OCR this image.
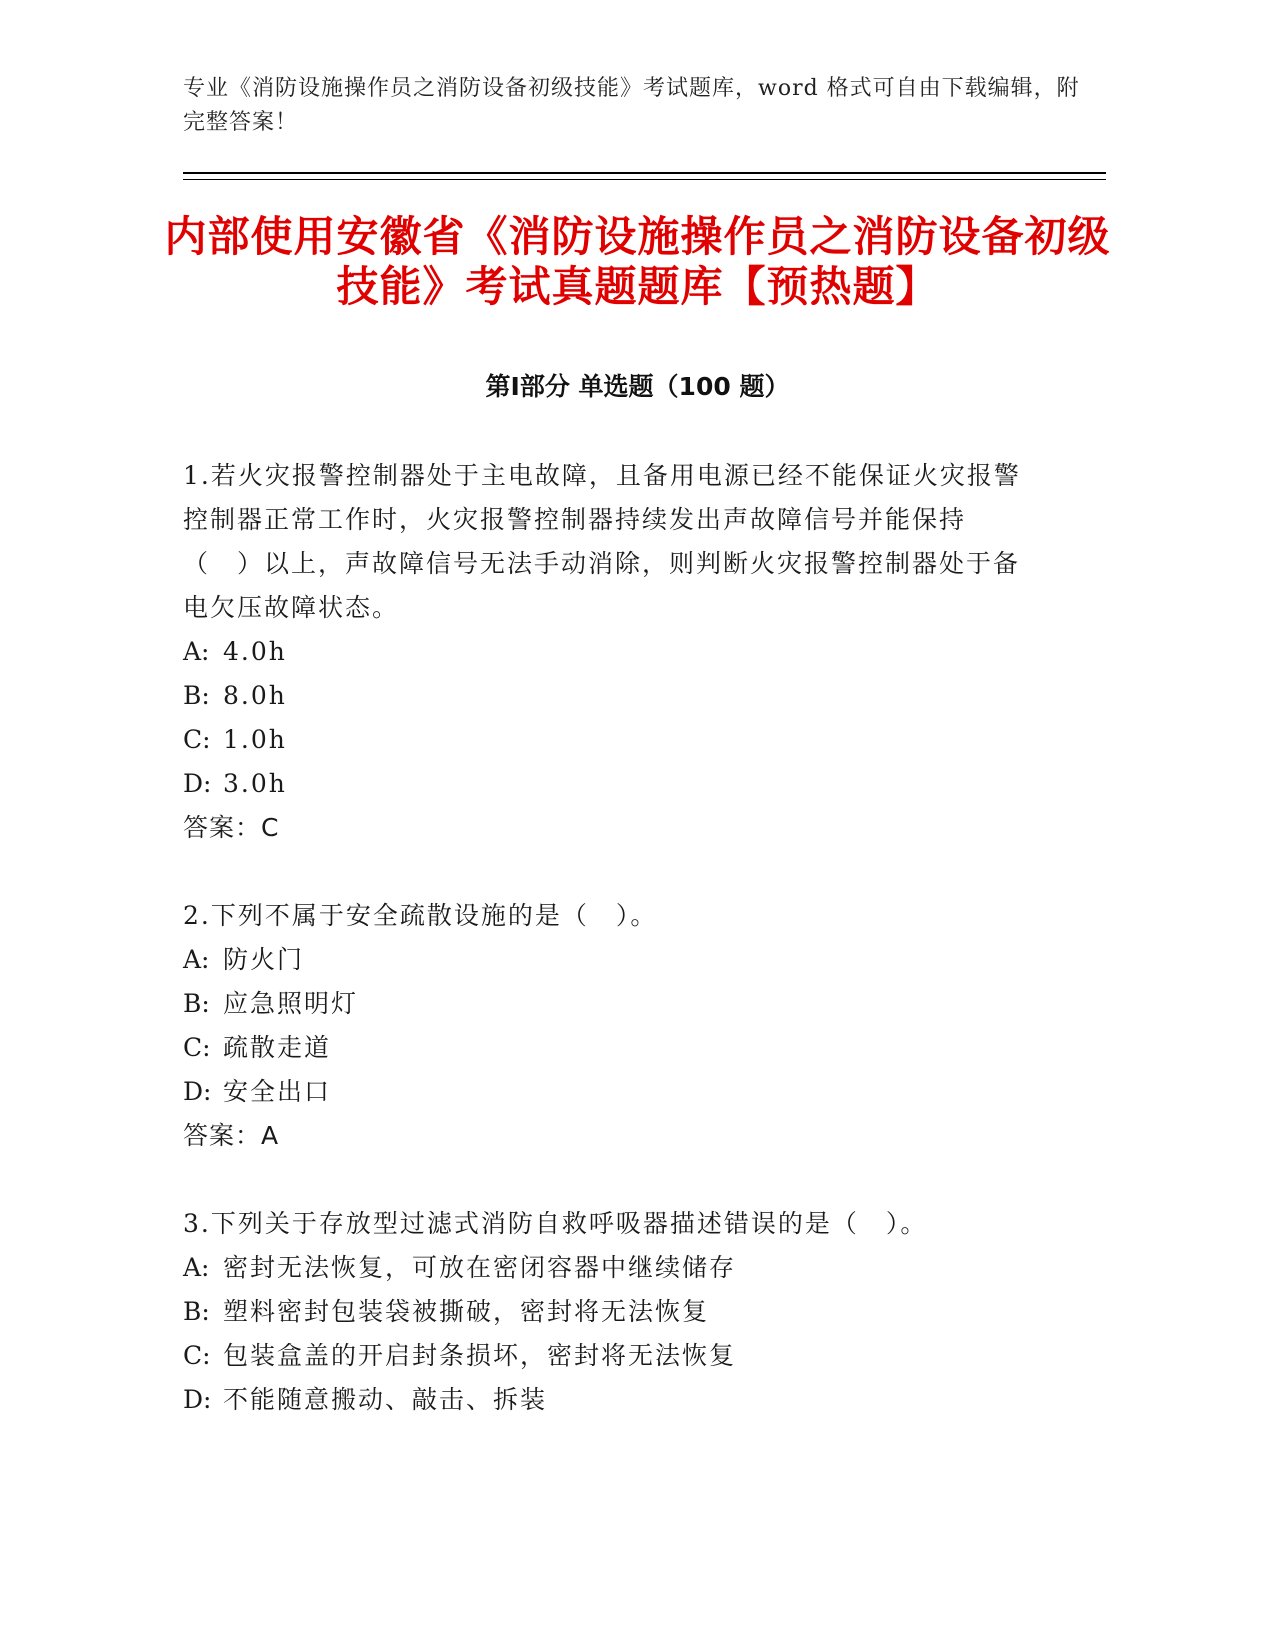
专业《消防设施操作员之消防设备初级技能》考试题库，word 格式可自由下载编辑，附完整答案！
内部使用安徽省《消防设施操作员之消防设备初级技能》考试真题题库【预热题】
第Ⅰ部分 单选题（100 题）
1.若火灾报警控制器处于主电故障，且备用电源已经不能保证火灾报警控制器正常工作时，火灾报警控制器持续发出声故障信号并能保持（　）以上，声故障信号无法手动消除，则判断火灾报警控制器处于备电欠压故障状态。
A: 4.0h
B: 8.0h
C: 1.0h
D: 3.0h
答案：C
2.下列不属于安全疏散设施的是（　）。
A: 防火门
B: 应急照明灯
C: 疏散走道
D: 安全出口
答案：A
3.下列关于存放型过滤式消防自救呼吸器描述错误的是（　）。
A: 密封无法恢复，可放在密闭容器中继续储存
B: 塑料密封包装袋被撕破，密封将无法恢复
C: 包装盒盖的开启封条损坏，密封将无法恢复
D: 不能随意搬动、敲击、拆装
